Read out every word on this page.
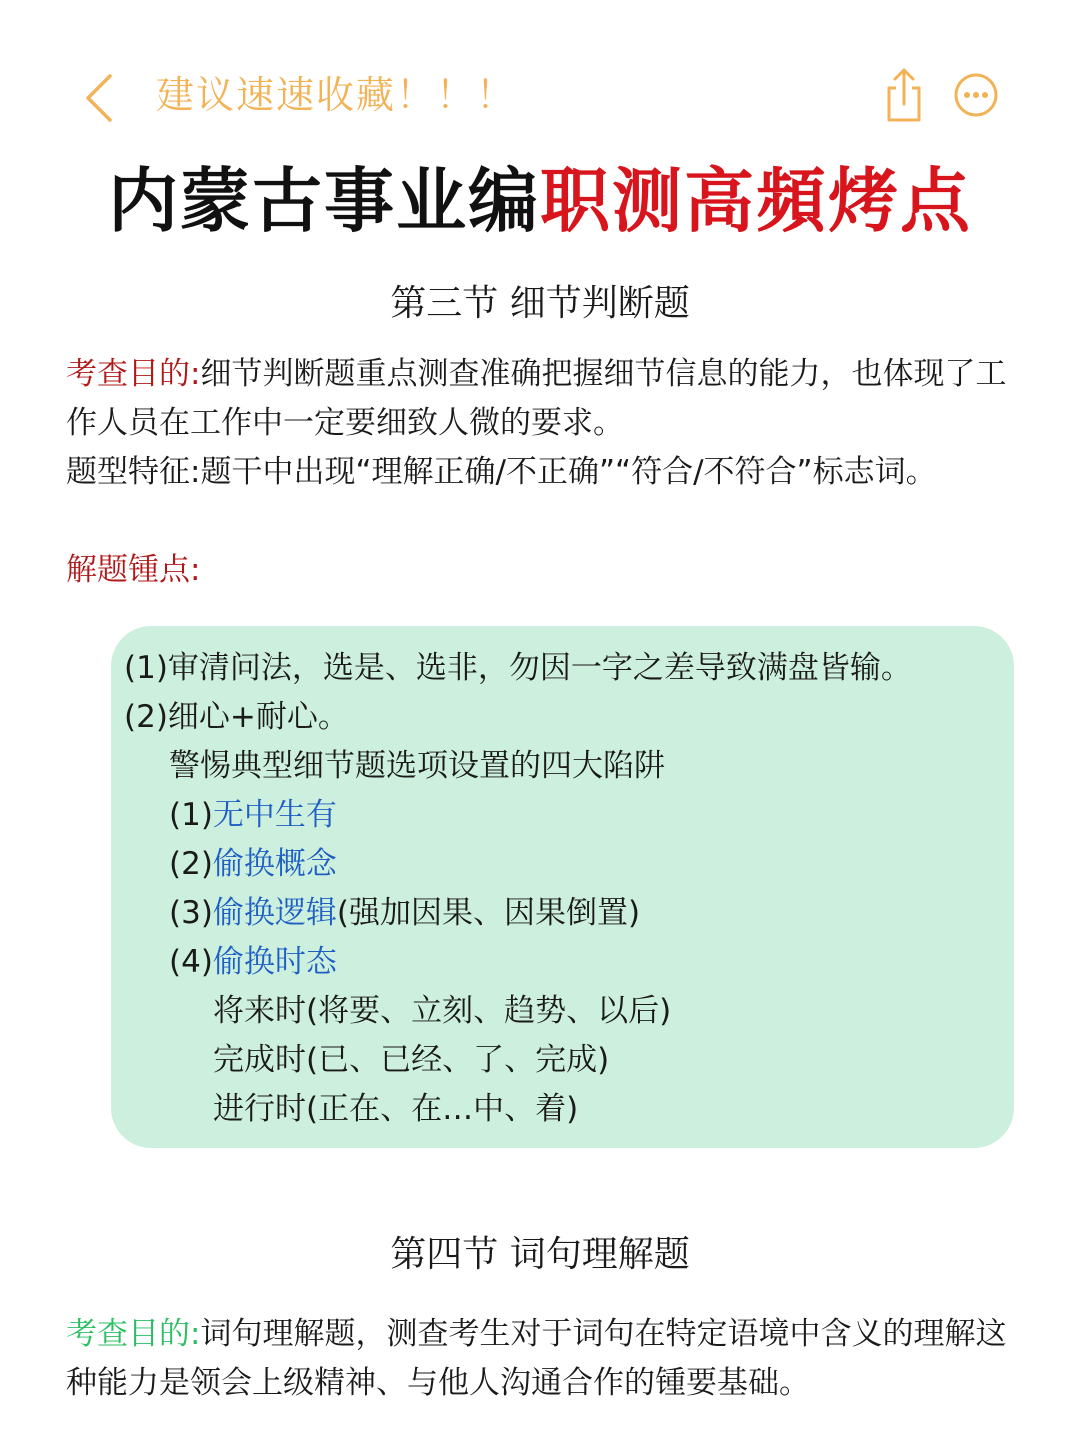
建议速速收藏！！！
内蒙古事业编职测高頻烤点
第三节 细节判断题
考查目的:细节判断题重点测查准确把握细节信息的能力，也体现了工作人员在工作中一定要细致人微的要求。
题型特征:题干中出现“理解正确/不正确”“符合/不符合”标志词。
解题锺点:
(1)审清问法，选是、选非，勿因一字之差导致满盘皆输。
(2)细心+耐心。
警惕典型细节题选项设置的四大陷阱
(1)无中生有
(2)偷换概念
(3)偷换逻辑(强加因果、因果倒置)
(4)偷换时态
将来时(将要、立刻、趋势、以后)
完成时(已、已经、了、完成)
进行时(正在、在…中、着)
第四节 词句理解题
考查目的:词句理解题，测查考生对于词句在特定语境中含义的理解这种能力是领会上级精神、与他人沟通合作的锺要基础。
